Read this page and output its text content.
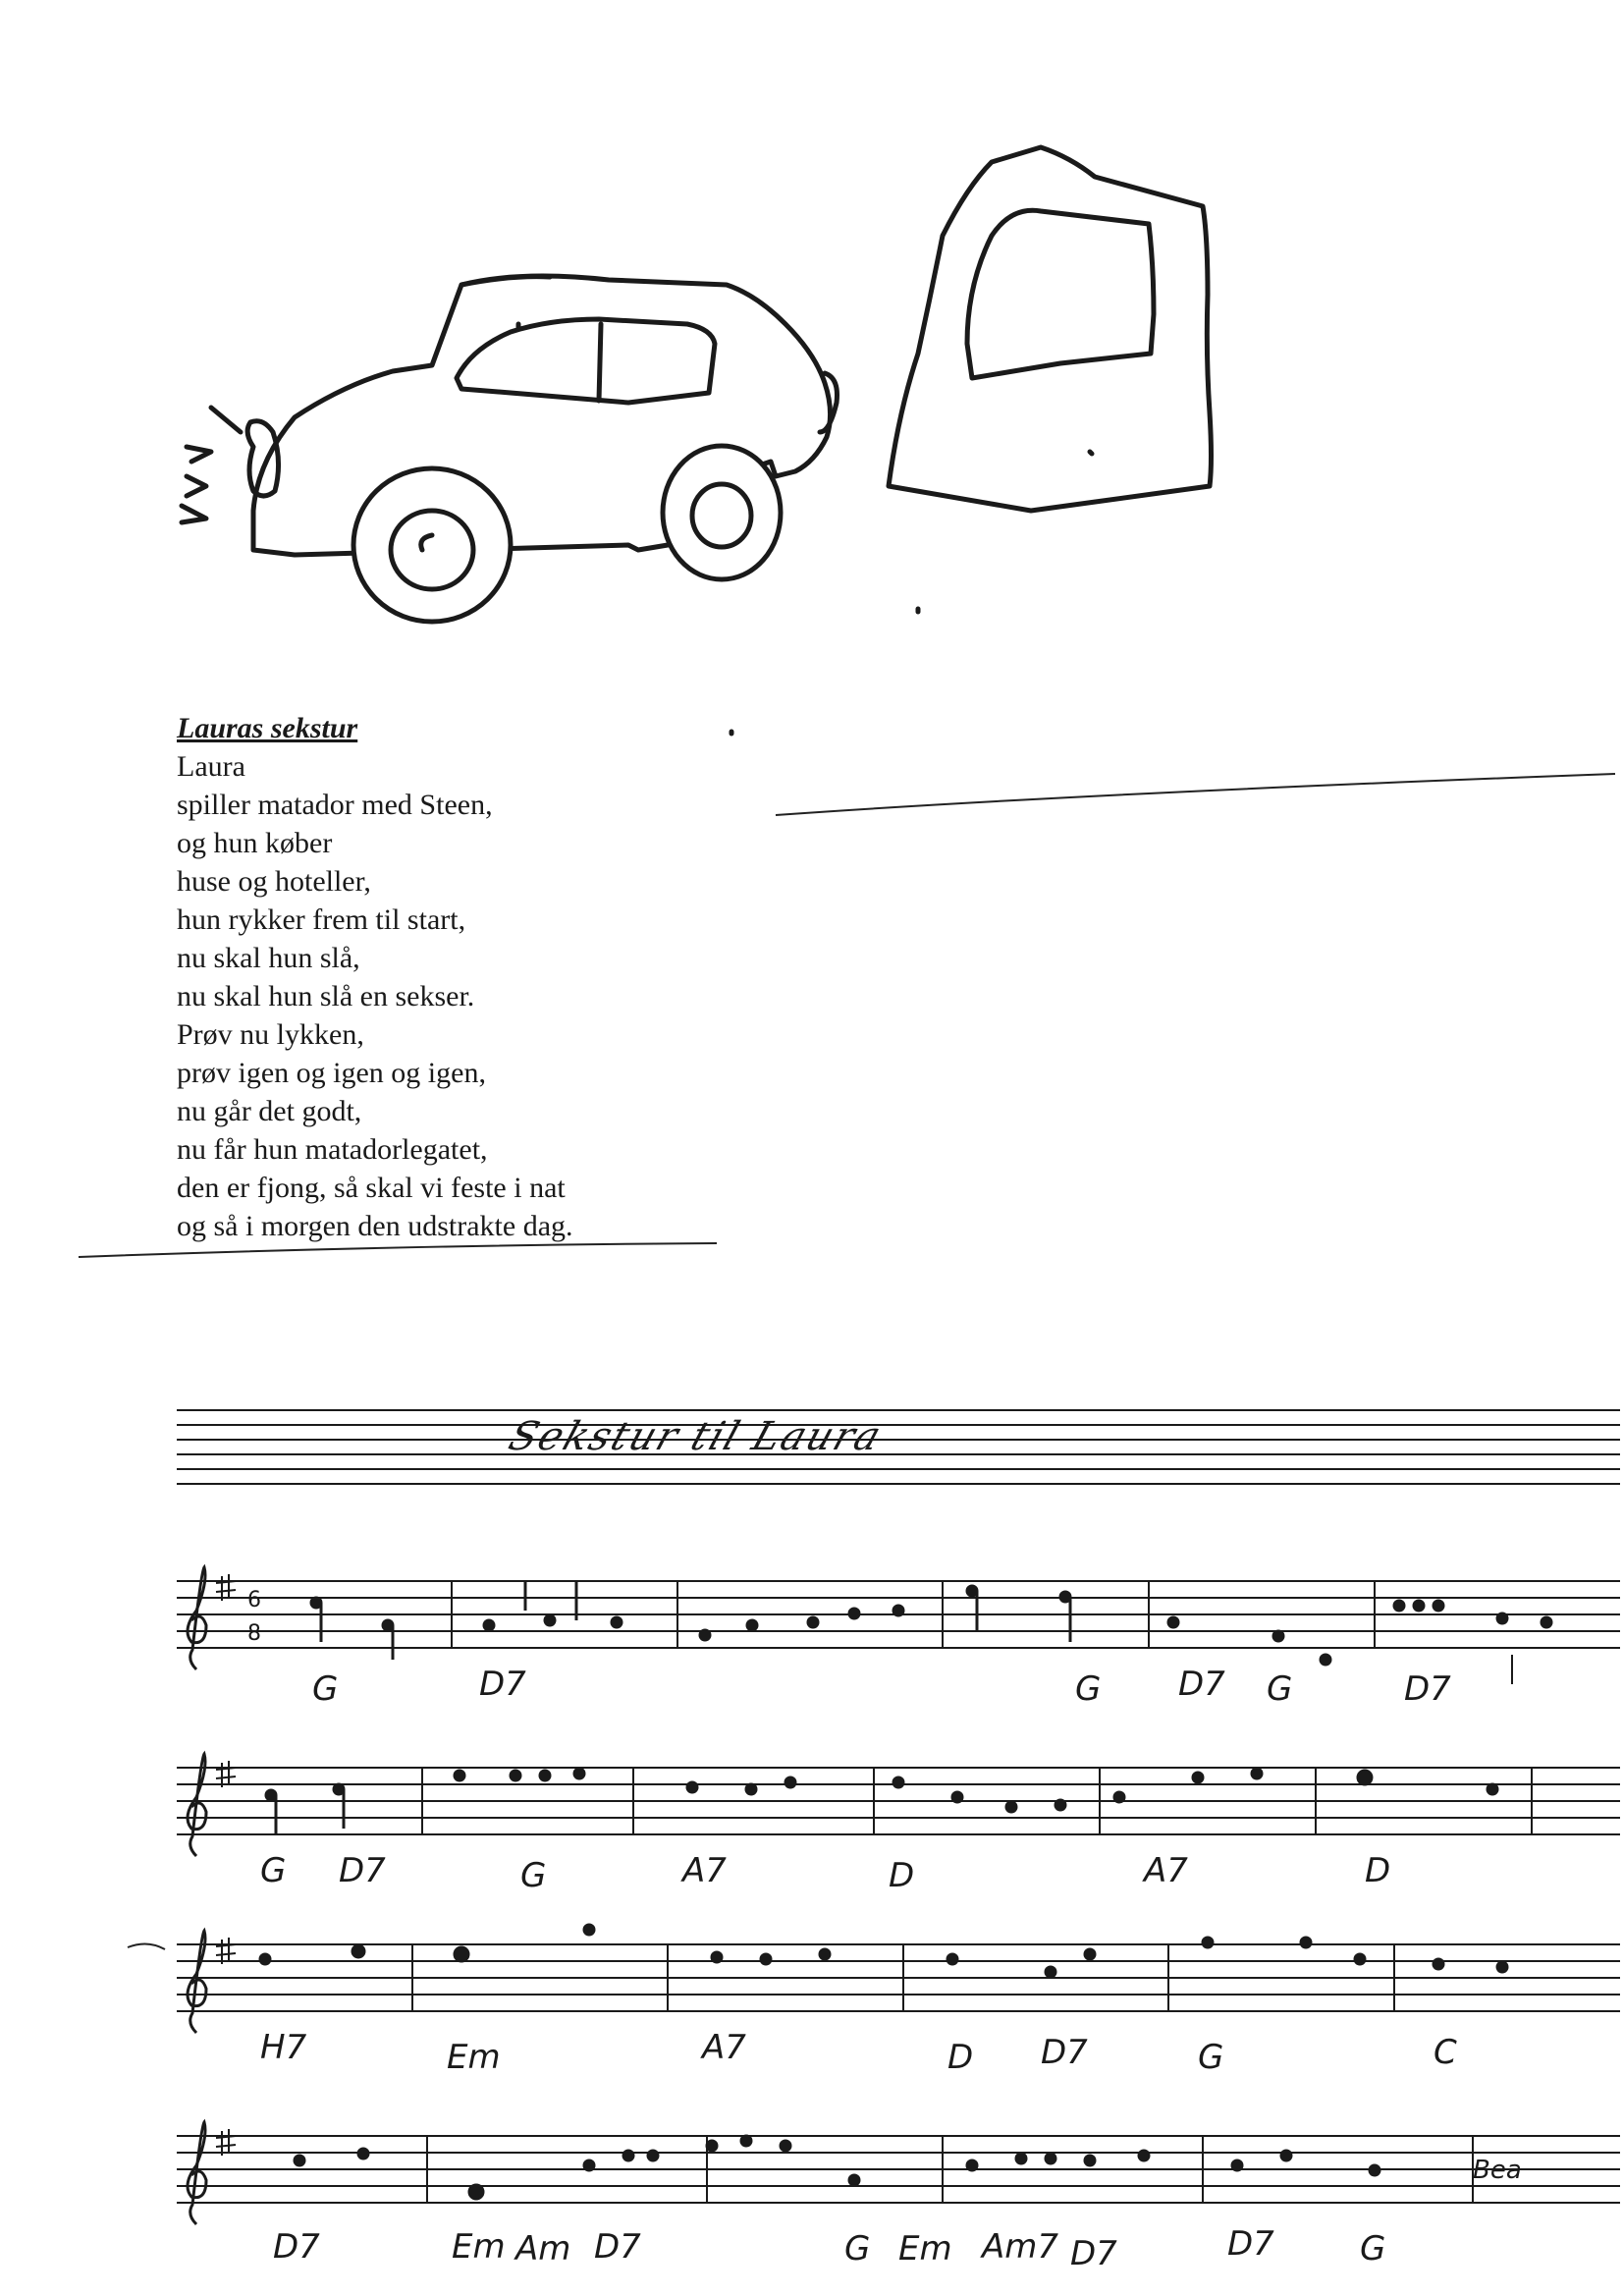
Lauras sekstur

Laura
spiller matador med Steen,
og hun køber
huse og hoteller,
hun rykker frem til start,
nu skal hun slå,
nu skal hun slå en sekser.
Prøv nu lykken,
prøv igen og igen og igen,
nu går det godt,
nu får hun matadorlegatet,
den er fjong, så skal vi feste i nat
og så i morgen den udstrakte dag.
6
8
Sekstur til Laura
G	D7	G D7 G	D7
G D7	G	A7	D	A7	D
H7	Em	A7	D D7	G	C
D7	Em Am D7	G Em Am7 D7	D7	G
Bea
